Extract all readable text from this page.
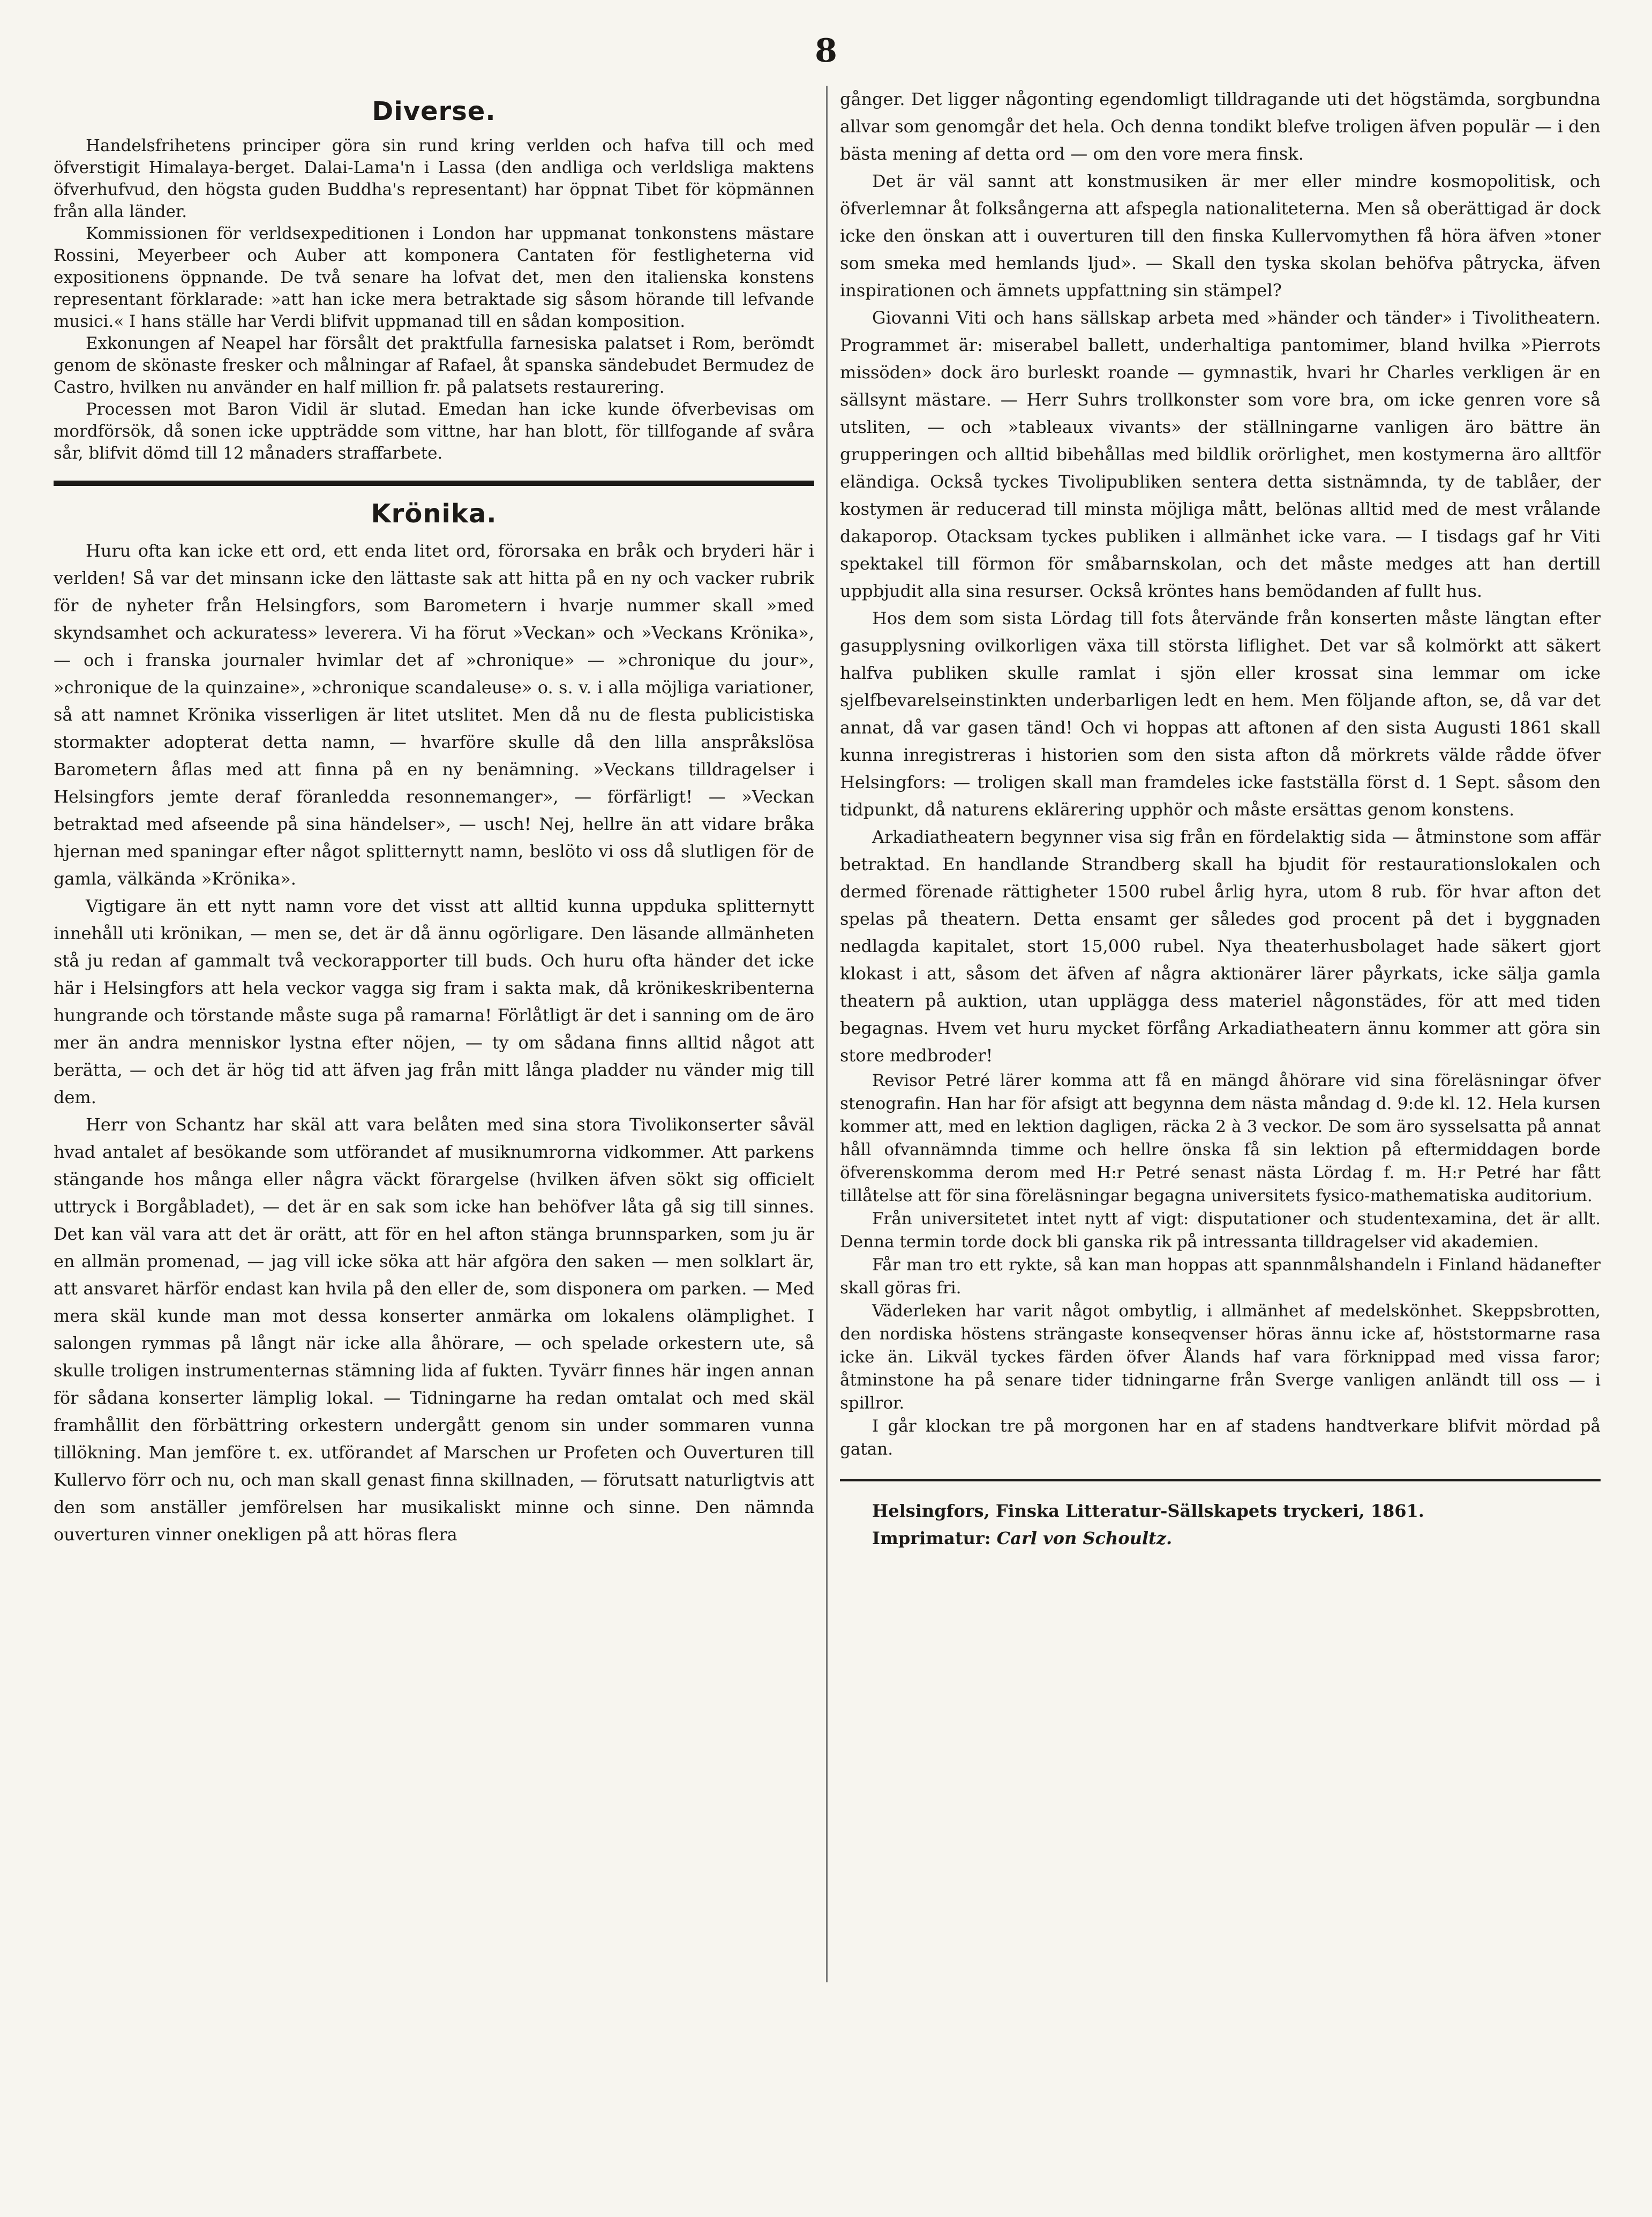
8
Diverse.

Handelsfrihetens principer göra sin rund kring verlden och hafva till och med öfverstigit Himalaya-berget. Dalai-Lama'n i Lassa (den andliga och verldsliga maktens öfverhufvud, den högsta guden Buddha's representant) har öppnat Tibet för köpmännen från alla länder.

Kommissionen för verldsexpeditionen i London har uppmanat tonkonstens mästare Rossini, Meyerbeer och Auber att komponera Cantaten för festligheterna vid expositionens öppnande. De två senare ha lofvat det, men den italienska konstens representant förklarade: »att han icke mera betraktade sig såsom hörande till lefvande musici.« I hans ställe har Verdi blifvit uppmanad till en sådan komposition.

Exkonungen af Neapel har försålt det praktfulla farnesiska palatset i Rom, berömdt genom de skönaste fresker och målningar af Rafael, åt spanska sändebudet Bermudez de Castro, hvilken nu använder en half million fr. på palatsets restaurering.

Processen mot Baron Vidil är slutad. Emedan han icke kunde öfverbevisas om mordförsök, då sonen icke uppträdde som vittne, har han blott, för tillfogande af svåra sår, blifvit dömd till 12 månaders straffarbete.

Krönika.

Huru ofta kan icke ett ord, ett enda litet ord, förorsaka en bråk och bryderi här i verlden! Så var det minsann icke den lättaste sak att hitta på en ny och vacker rubrik för de nyheter från Helsingfors, som Barometern i hvarje nummer skall »med skyndsamhet och ackuratess» leverera. Vi ha förut »Veckan» och »Veckans Krönika», — och i franska journaler hvimlar det af »chronique» — »chronique du jour», »chronique de la quinzaine», »chronique scandaleuse» o. s. v. i alla möjliga variationer, så att namnet Krönika visserligen är litet utslitet. Men då nu de flesta publicistiska stormakter adopterat detta namn, — hvarföre skulle då den lilla anspråkslösa Barometern åflas med att finna på en ny benämning. »Veckans tilldragelser i Helsingfors jemte deraf föranledda resonnemanger», — förfärligt! — »Veckan betraktad med afseende på sina händelser», — usch! Nej, hellre än att vidare bråka hjernan med spaningar efter något splitternytt namn, beslöto vi oss då slutligen för de gamla, välkända »Krönika».

Vigtigare än ett nytt namn vore det visst att alltid kunna uppduka splitternytt innehåll uti krönikan, — men se, det är då ännu ogörligare. Den läsande allmänheten stå ju redan af gammalt två veckorapporter till buds. Och huru ofta händer det icke här i Helsingfors att hela veckor vagga sig fram i sakta mak, då krönikeskribenterna hungrande och törstande måste suga på ramarna! Förlåtligt är det i sanning om de äro mer än andra menniskor lystna efter nöjen, — ty om sådana finns alltid något att berätta, — och det är hög tid att äfven jag från mitt långa pladder nu vänder mig till dem.

Herr von Schantz har skäl att vara belåten med sina stora Tivolikonserter såväl hvad antalet af besökande som utförandet af musiknumrorna vidkommer. Att parkens stängande hos många eller några väckt förargelse (hvilken äfven sökt sig officielt uttryck i Borgåbladet), — det är en sak som icke han behöfver låta gå sig till sinnes. Det kan väl vara att det är orätt, att för en hel afton stänga brunnsparken, som ju är en allmän promenad, — jag vill icke söka att här afgöra den saken — men solklart är, att ansvaret härför endast kan hvila på den eller de, som disponera om parken. — Med mera skäl kunde man mot dessa konserter anmärka om lokalens olämplighet. I salongen rymmas på långt när icke alla åhörare, — och spelade orkestern ute, så skulle troligen instrumenternas stämning lida af fukten. Tyvärr finnes här ingen annan för sådana konserter lämplig lokal. — Tidningarne ha redan omtalat och med skäl framhållit den förbättring orkestern undergått genom sin under sommaren vunna tillökning. Man jemföre t. ex. utförandet af Marschen ur Profeten och Ouverturen till Kullervo förr och nu, och man skall genast finna skillnaden, — förutsatt naturligtvis att den som anställer jemförelsen har musikaliskt minne och sinne. Den nämnda ouverturen vinner onekligen på att höras flera

gånger. Det ligger någonting egendomligt tilldragande uti det högstämda, sorgbundna allvar som genomgår det hela. Och denna tondikt blefve troligen äfven populär — i den bästa mening af detta ord — om den vore mera finsk.

Det är väl sannt att konstmusiken är mer eller mindre kosmopolitisk, och öfverlemnar åt folksångerna att afspegla nationaliteterna. Men så oberättigad är dock icke den önskan att i ouverturen till den finska Kullervomythen få höra äfven »toner som smeka med hemlands ljud». — Skall den tyska skolan behöfva påtrycka, äfven inspirationen och ämnets uppfattning sin stämpel?

Giovanni Viti och hans sällskap arbeta med »händer och tänder» i Tivolitheatern. Programmet är: miserabel ballett, underhaltiga pantomimer, bland hvilka »Pierrots missöden» dock äro burleskt roande — gymnastik, hvari hr Charles verkligen är en sällsynt mästare. — Herr Suhrs trollkonster som vore bra, om icke genren vore så utsliten, — och »tableaux vivants» der ställningarne vanligen äro bättre än grupperingen och alltid bibehållas med bildlik orörlighet, men kostymerna äro alltför eländiga. Också tyckes Tivolipubliken sentera detta sistnämnda, ty de tablåer, der kostymen är reducerad till minsta möjliga mått, belönas alltid med de mest vrålande dakaporop. Otacksam tyckes publiken i allmänhet icke vara. — I tisdags gaf hr Viti spektakel till förmon för småbarnskolan, och det måste medges att han dertill uppbjudit alla sina resurser. Också kröntes hans bemödanden af fullt hus.

Hos dem som sista Lördag till fots återvände från konserten måste längtan efter gasupplysning ovilkorligen växa till största liflighet. Det var så kolmörkt att säkert halfva publiken skulle ramlat i sjön eller krossat sina lemmar om icke sjelfbevarelseinstinkten underbarligen ledt en hem. Men följande afton, se, då var det annat, då var gasen tänd! Och vi hoppas att aftonen af den sista Augusti 1861 skall kunna inregistreras i historien som den sista afton då mörkrets välde rådde öfver Helsingfors: — troligen skall man framdeles icke fastställa först d. 1 Sept. såsom den tidpunkt, då naturens eklärering upphör och måste ersättas genom konstens.

Arkadiatheatern begynner visa sig från en fördelaktig sida — åtminstone som affär betraktad. En handlande Strandberg skall ha bjudit för restaurationslokalen och dermed förenade rättigheter 1500 rubel årlig hyra, utom 8 rub. för hvar afton det spelas på theatern. Detta ensamt ger således god procent på det i byggnaden nedlagda kapitalet, stort 15,000 rubel. Nya theaterhusbolaget hade säkert gjort klokast i att, såsom det äfven af några aktionärer lärer påyrkats, icke sälja gamla theatern på auktion, utan upplägga dess materiel någonstädes, för att med tiden begagnas. Hvem vet huru mycket förfång Arkadiatheatern ännu kommer att göra sin store medbroder!

Revisor Petré lärer komma att få en mängd åhörare vid sina föreläsningar öfver stenografin. Han har för afsigt att begynna dem nästa måndag d. 9:de kl. 12. Hela kursen kommer att, med en lektion dagligen, räcka 2 à 3 veckor. De som äro sysselsatta på annat håll ofvannämnda timme och hellre önska få sin lektion på eftermiddagen borde öfverenskomma derom med H:r Petré senast nästa Lördag f. m. H:r Petré har fått tillåtelse att för sina föreläsningar begagna universitets fysico-mathematiska auditorium.

Från universitetet intet nytt af vigt: disputationer och studentexamina, det är allt. Denna termin torde dock bli ganska rik på intressanta tilldragelser vid akademien.

Får man tro ett rykte, så kan man hoppas att spannmålshandeln i Finland hädanefter skall göras fri.

Väderleken har varit något ombytlig, i allmänhet af medelskönhet. Skeppsbrotten, den nordiska höstens strängaste konseqvenser höras ännu icke af, höststormarne rasa icke än. Likväl tyckes färden öfver Ålands haf vara förknippad med vissa faror; åtminstone ha på senare tider tidningarne från Sverge vanligen anländt till oss — i spillror.

I går klockan tre på morgonen har en af stadens handtverkare blifvit mördad på gatan.

Helsingfors, Finska Litteratur-Sällskapets tryckeri, 1861.

Imprimatur: Carl von Schoultz.
